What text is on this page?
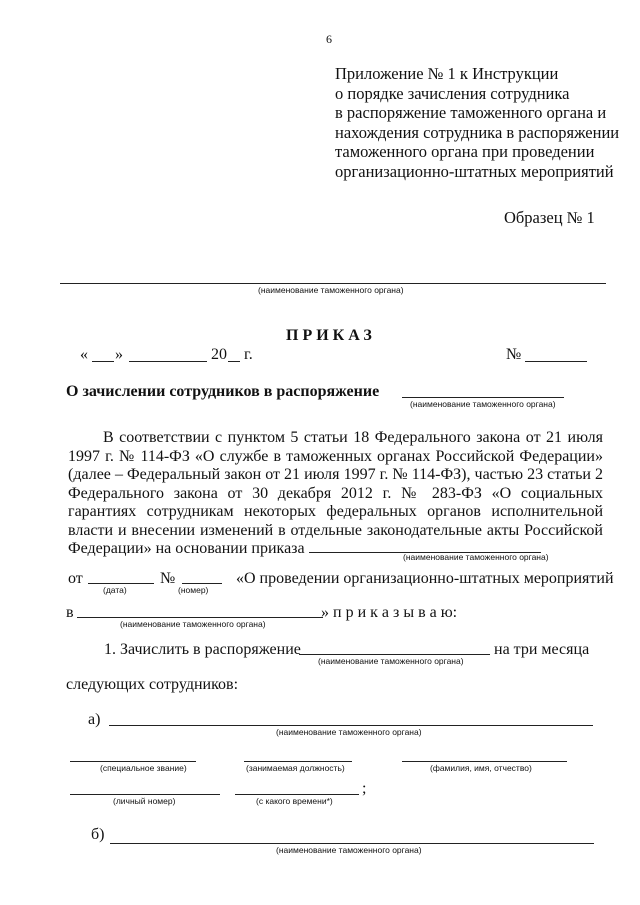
6
Приложение № 1 к Инструкции
о порядке зачисления сотрудника
в распоряжение таможенного органа и
нахождения сотрудника в распоряжении
таможенного органа при проведении
организационно-штатных мероприятий
Образец № 1
(наименование таможенного органа)
ПРИКАЗ
« »	20 г.	№
О зачислении сотрудников в распоряжение
(наименование таможенного органа)
В соответствии с пунктом 5 статьи 18 Федерального закона от 21 июля 1997 г. № 114-ФЗ «О службе в таможенных органах Российской Федерации» (далее – Федеральный закон от 21 июля 1997 г. № 114-ФЗ), частью 23 статьи 2 Федерального закона от 30 декабря 2012 г. № 283-ФЗ «О социальных гарантиях сотрудникам некоторых федеральных органов исполнительной власти и внесении изменений в отдельные законодательные акты Российской Федерации» на основании приказа	(наименование таможенного органа)
от
(дата)
№
(номер)
«О проведении организационно-штатных мероприятий
в
(наименование таможенного органа)
» п р и к а з ы в а ю:
1. Зачислить в распоряжение
(наименование таможенного органа)
на три месяца
следующих сотрудников:
а)
(наименование таможенного органа)
(специальное звание)	(занимаемая должность)	(фамилия, имя, отчество)
(личный номер)	(с какого времени*)
;
б)
(наименование таможенного органа)
